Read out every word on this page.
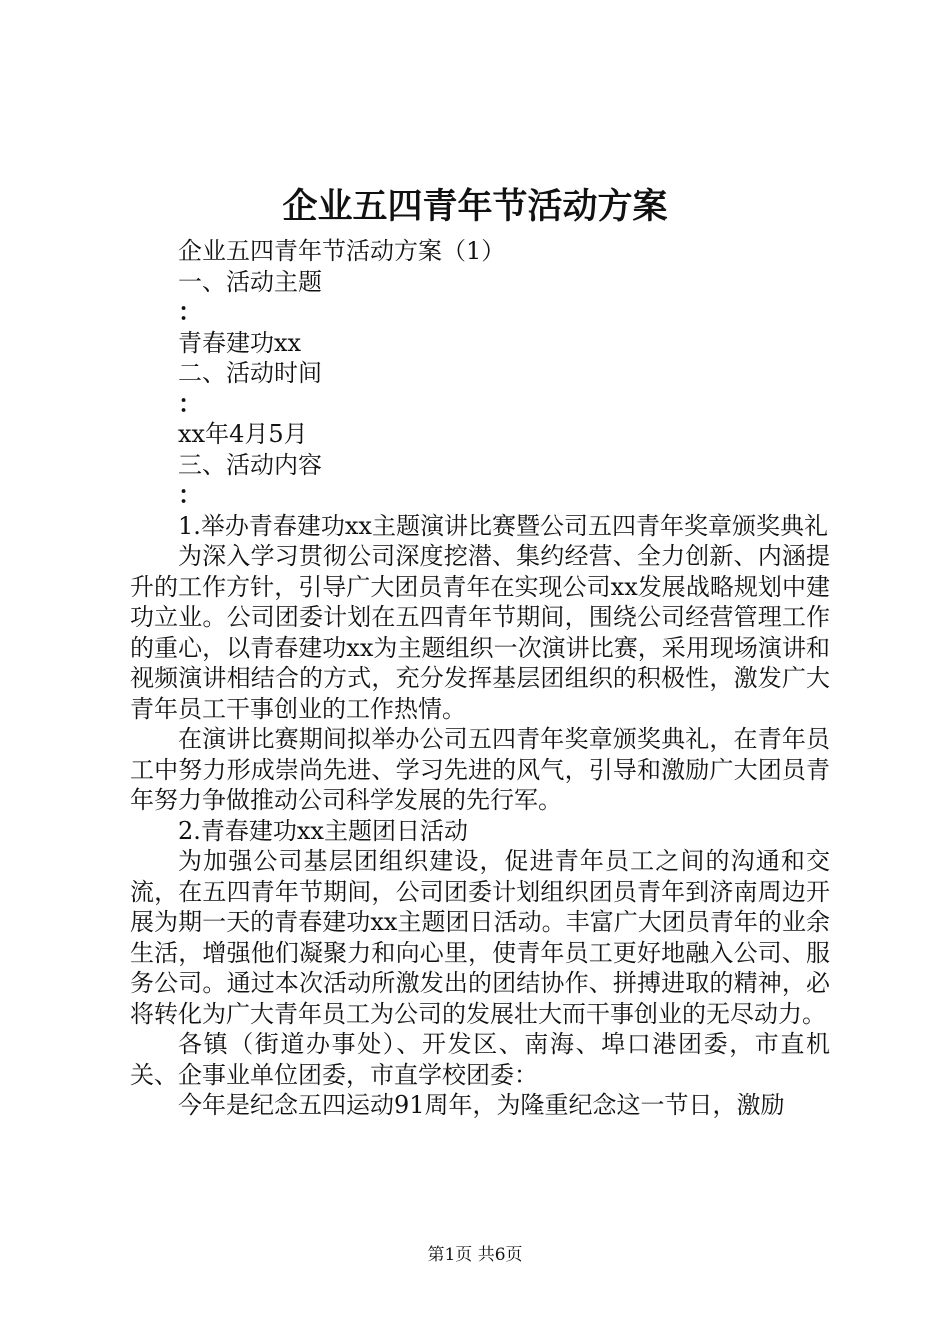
企业五四青年节活动方案
企业五四青年节活动方案（1）
一、活动主题
：
青春建功xx
二、活动时间
：
xx年4月5月
三、活动内容
：

1.举办青春建功xx主题演讲比赛暨公司五四青年奖章颁奖典礼

为深入学习贯彻公司深度挖潜、集约经营、全力创新、内涵提升的工作方针，引导广大团员青年在实现公司xx发展战略规划中建功立业。公司团委计划在五四青年节期间，围绕公司经营管理工作的重心，以青春建功xx为主题组织一次演讲比赛，采用现场演讲和视频演讲相结合的方式，充分发挥基层团组织的积极性，激发广大青年员工干事创业的工作热情。

在演讲比赛期间拟举办公司五四青年奖章颁奖典礼，在青年员工中努力形成崇尚先进、学习先进的风气，引导和激励广大团员青年努力争做推动公司科学发展的先行军。

2.青春建功xx主题团日活动

为加强公司基层团组织建设，促进青年员工之间的沟通和交流，在五四青年节期间，公司团委计划组织团员青年到济南周边开展为期一天的青春建功xx主题团日活动。丰富广大团员青年的业余生活，增强他们凝聚力和向心里，使青年员工更好地融入公司、服务公司。通过本次活动所激发出的团结协作、拼搏进取的精神，必将转化为广大青年员工为公司的发展壮大而干事创业的无尽动力。

各镇（街道办事处）、开发区、南海、埠口港团委，市直机关、企事业单位团委，市直学校团委：

今年是纪念五四运动91周年，为隆重纪念这一节日，激励

第1页 共6页
